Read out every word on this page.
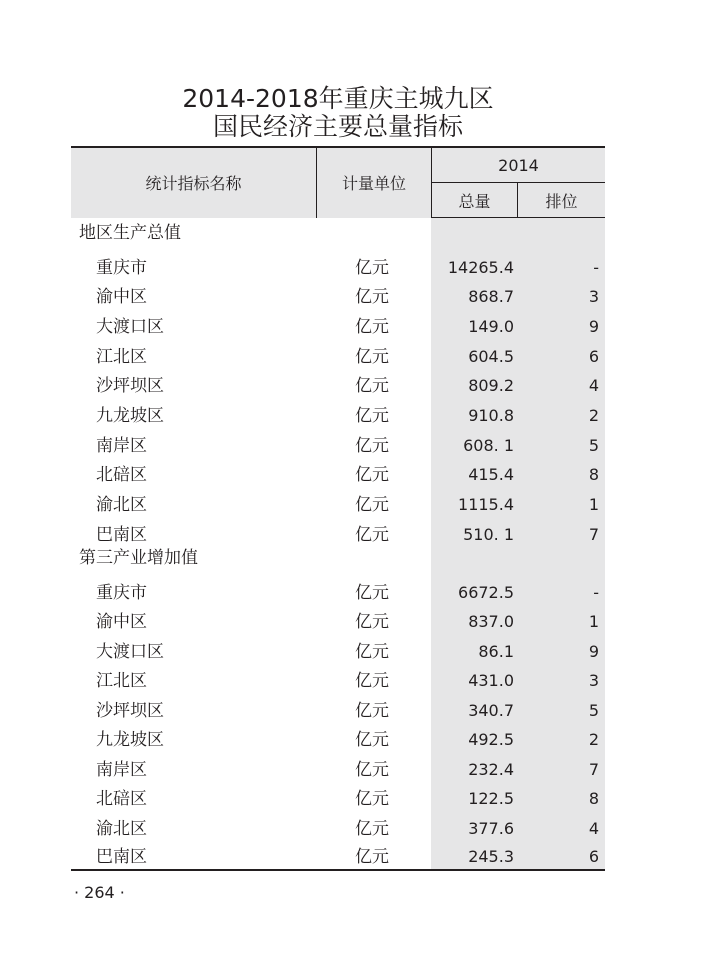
2014-2018年重庆主城九区
国民经济主要总量指标
统计指标名称	计量单位
2014
总量	排位
地区生产总值
重庆市	亿元	14265.4	-
渝中区	亿元	868.7	3
大渡口区	亿元	149.0	9
江北区	亿元	604.5	6
沙坪坝区	亿元	809.2	4
九龙坡区	亿元	910.8	2
南岸区	亿元	608. 1	5
北碚区	亿元	415.4	8
渝北区	亿元	1115.4	1
巴南区	亿元	510. 1	7
第三产业增加值
重庆市	亿元	6672.5	-
渝中区	亿元	837.0	1
大渡口区	亿元	86.1	9
江北区	亿元	431.0	3
沙坪坝区	亿元	340.7	5
九龙坡区	亿元	492.5	2
南岸区	亿元	232.4	7
北碚区	亿元	122.5	8
渝北区	亿元	377.6	4
巴南区	亿元	245.3	6
· 264 ·
